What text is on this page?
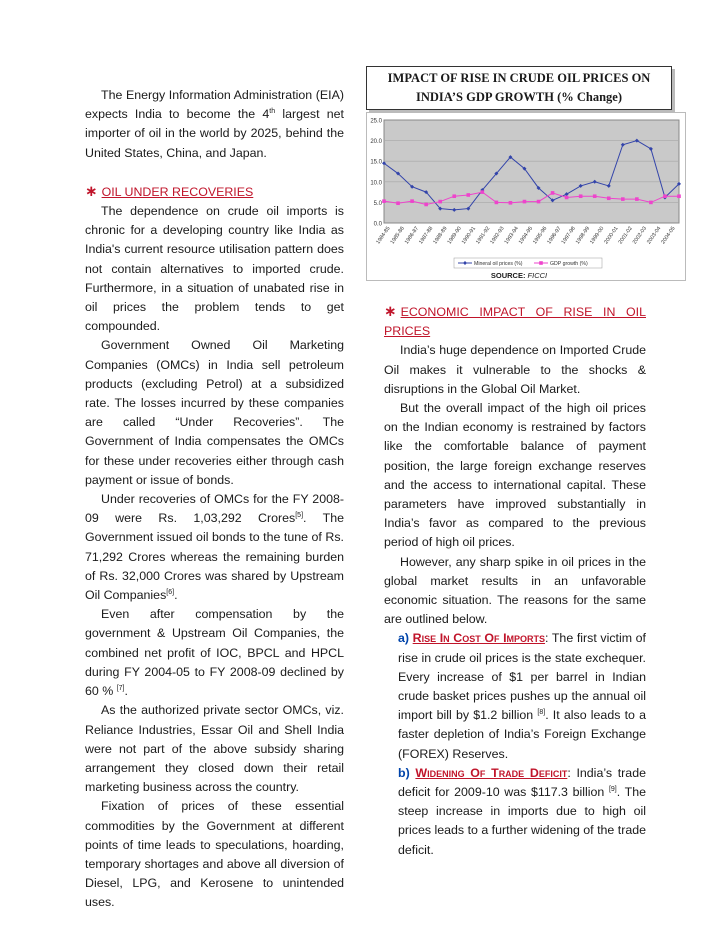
The Energy Information Administration (EIA) expects India to become the 4th largest net importer of oil in the world by 2025, behind the United States, China, and Japan.

∗ OIL UNDER RECOVERIES

The dependence on crude oil imports is chronic for a developing country like India as India's current resource utilisation pattern does not contain alternatives to imported crude. Furthermore, in a situation of unabated rise in oil prices the problem tends to get compounded.

Government Owned Oil Marketing Companies (OMCs) in India sell petroleum products (excluding Petrol) at a subsidized rate. The losses incurred by these companies are called “Under Recoveries”. The Government of India compensates the OMCs for these under recoveries either through cash payment or issue of bonds.

Under recoveries of OMCs for the FY 2008-09 were Rs. 1,03,292 Crores[5]. The Government issued oil bonds to the tune of Rs. 71,292 Crores whereas the remaining burden of Rs. 32,000 Crores was shared by Upstream Oil Companies[6].

Even after compensation by the government & Upstream Oil Companies, the combined net profit of IOC, BPCL and HPCL during FY 2004-05 to FY 2008-09 declined by 60 % [7].

As the authorized private sector OMCs, viz. Reliance Industries, Essar Oil and Shell India were not part of the above subsidy sharing arrangement they closed down their retail marketing business across the country.

Fixation of prices of these essential commodities by the Government at different points of time leads to speculations, hoarding, temporary shortages and above all diversion of Diesel, LPG, and Kerosene to unintended uses.

IMPACT OF RISE IN CRUDE OIL PRICES ON
INDIA’S GDP GROWTH (% Change)
0.0
5.0
10.0
15.0
20.0
25.0
1984-85
1985-86
1986-87
1987-88
1988-89
1989-90
1990-91
1991-92
1992-93
1993-94
1994-95
1995-96
1996-97
1997-98
1998-99
1999-00
2000-01
2001-02
2002-03
2003-04
2004-05
Mineral oil prices (%)	GDP growth (%)
SOURCE: FICCI

∗ ECONOMIC IMPACT OF RISE IN OIL PRICES

India’s huge dependence on Imported Crude Oil makes it vulnerable to the shocks & disruptions in the Global Oil Market.

But the overall impact of the high oil prices on the Indian economy is restrained by factors like the comfortable balance of payment position, the large foreign exchange reserves and the access to international capital. These parameters have improved substantially in India’s favor as compared to the previous period of high oil prices.

However, any sharp spike in oil prices in the global market results in an unfavorable economic situation. The reasons for the same are outlined below.

a) Rise In Cost Of Imports: The first victim of rise in crude oil prices is the state exchequer. Every increase of $1 per barrel in Indian crude basket prices pushes up the annual oil import bill by $1.2 billion [8]. It also leads to a faster depletion of India’s Foreign Exchange (FOREX) Reserves.

b) Widening Of Trade Deficit: India’s trade deficit for 2009-10 was $117.3 billion [9]. The steep increase in imports due to high oil prices leads to a further widening of the trade deficit.
